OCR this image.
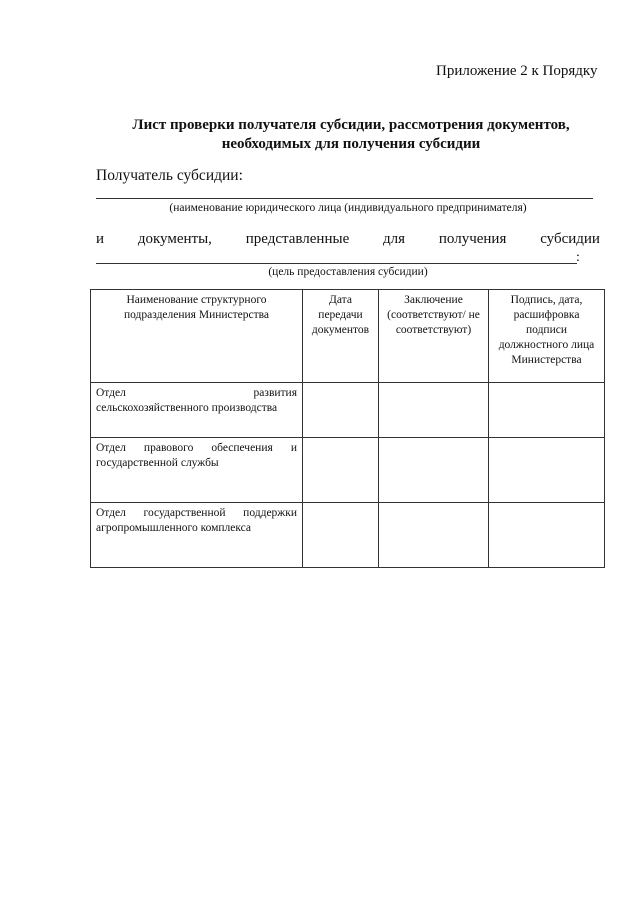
Приложение 2 к Порядку
Лист проверки получателя субсидии, рассмотрения документов,
необходимых для получения субсидии
Получатель субсидии:
(наименование юридического лица (индивидуального предпринимателя)
и документы, представленные для получения субсидии
:
(цель предоставления субсидии)
Наименование структурного подразделения Министерства	Дата передачи документов	Заключение (соответствуют/ не соответствуют)	Подпись, дата, расшифровка подписи должностного лица Министерства

Отдел развития
сельскохозяйственного производства			
Отдел правового обеспечения и государственной службы			
Отдел государственной поддержки агропромышленного комплекса			
